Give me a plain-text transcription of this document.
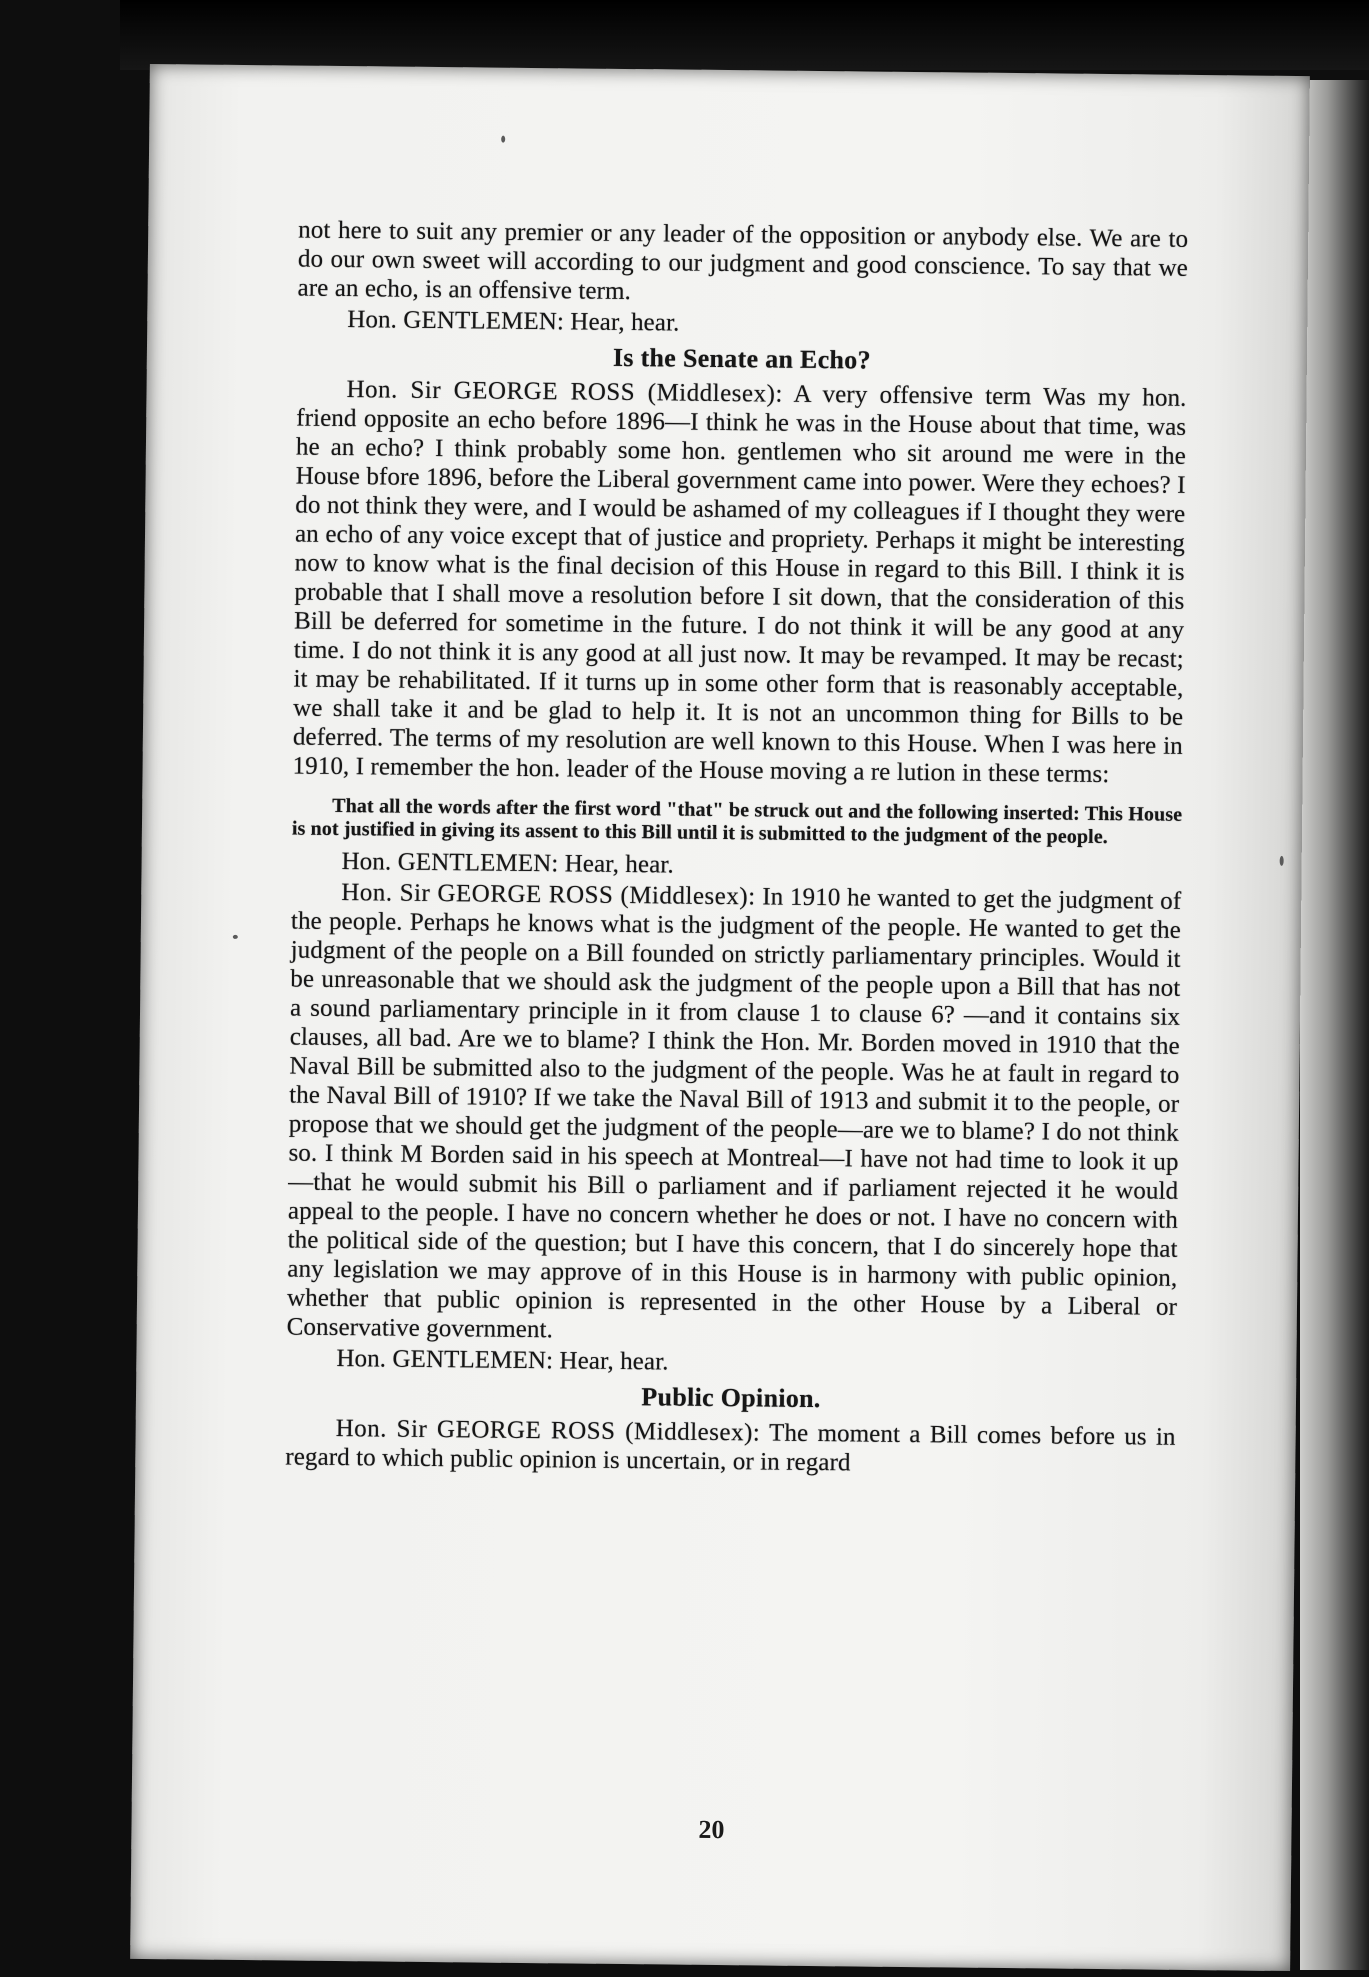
not here to suit any premier or any leader of the opposition or anybody else. We are to do our own sweet will according to our judgment and good conscience. To say that we are an echo, is an offensive term.

Hon. GENTLEMEN: Hear, hear.

Is the Senate an Echo?

Hon. Sir GEORGE ROSS (Middlesex): A very offensive term Was my hon. friend opposite an echo before 1896—I think he was in the House about that time, was he an echo? I think probably some hon. gentlemen who sit around me were in the House bfore 1896, before the Liberal government came into power. Were they echoes? I do not think they were, and I would be ashamed of my colleagues if I thought they were an echo of any voice except that of justice and propriety. Perhaps it might be interesting now to know what is the final decision of this House in regard to this Bill. I think it is probable that I shall move a resolution before I sit down, that the consideration of this Bill be deferred for sometime in the future. I do not think it will be any good at any time. I do not think it is any good at all just now. It may be revamped. It may be recast; it may be rehabilitated. If it turns up in some other form that is reasonably acceptable, we shall take it and be glad to help it. It is not an uncommon thing for Bills to be deferred. The terms of my resolution are well known to this House. When I was here in 1910, I remember the hon. leader of the House moving a re lution in these terms:

That all the words after the first word "that" be struck out and the following inserted: This House is not justified in giving its assent to this Bill until it is submitted to the judgment of the people.

Hon. GENTLEMEN: Hear, hear.

Hon. Sir GEORGE ROSS (Middlesex): In 1910 he wanted to get the judgment of the people. Perhaps he knows what is the judgment of the people. He wanted to get the judgment of the people on a Bill founded on strictly parliamentary principles. Would it be unreasonable that we should ask the judgment of the people upon a Bill that has not a sound parliamentary principle in it from clause 1 to clause 6? —and it contains six clauses, all bad. Are we to blame? I think the Hon. Mr. Borden moved in 1910 that the Naval Bill be submitted also to the judgment of the people. Was he at fault in regard to the Naval Bill of 1910? If we take the Naval Bill of 1913 and submit it to the people, or propose that we should get the judgment of the people—are we to blame? I do not think so. I think M Borden said in his speech at Montreal—I have not had time to look it up—that he would submit his Bill o parliament and if parliament rejected it he would appeal to the people. I have no concern whether he does or not. I have no concern with the political side of the question; but I have this concern, that I do sincerely hope that any legislation we may approve of in this House is in harmony with public opinion, whether that public opinion is represented in the other House by a Liberal or Conservative government.

Hon. GENTLEMEN: Hear, hear.

Public Opinion.

Hon. Sir GEORGE ROSS (Middlesex): The moment a Bill comes before us in regard to which public opinion is uncertain, or in regard

20
